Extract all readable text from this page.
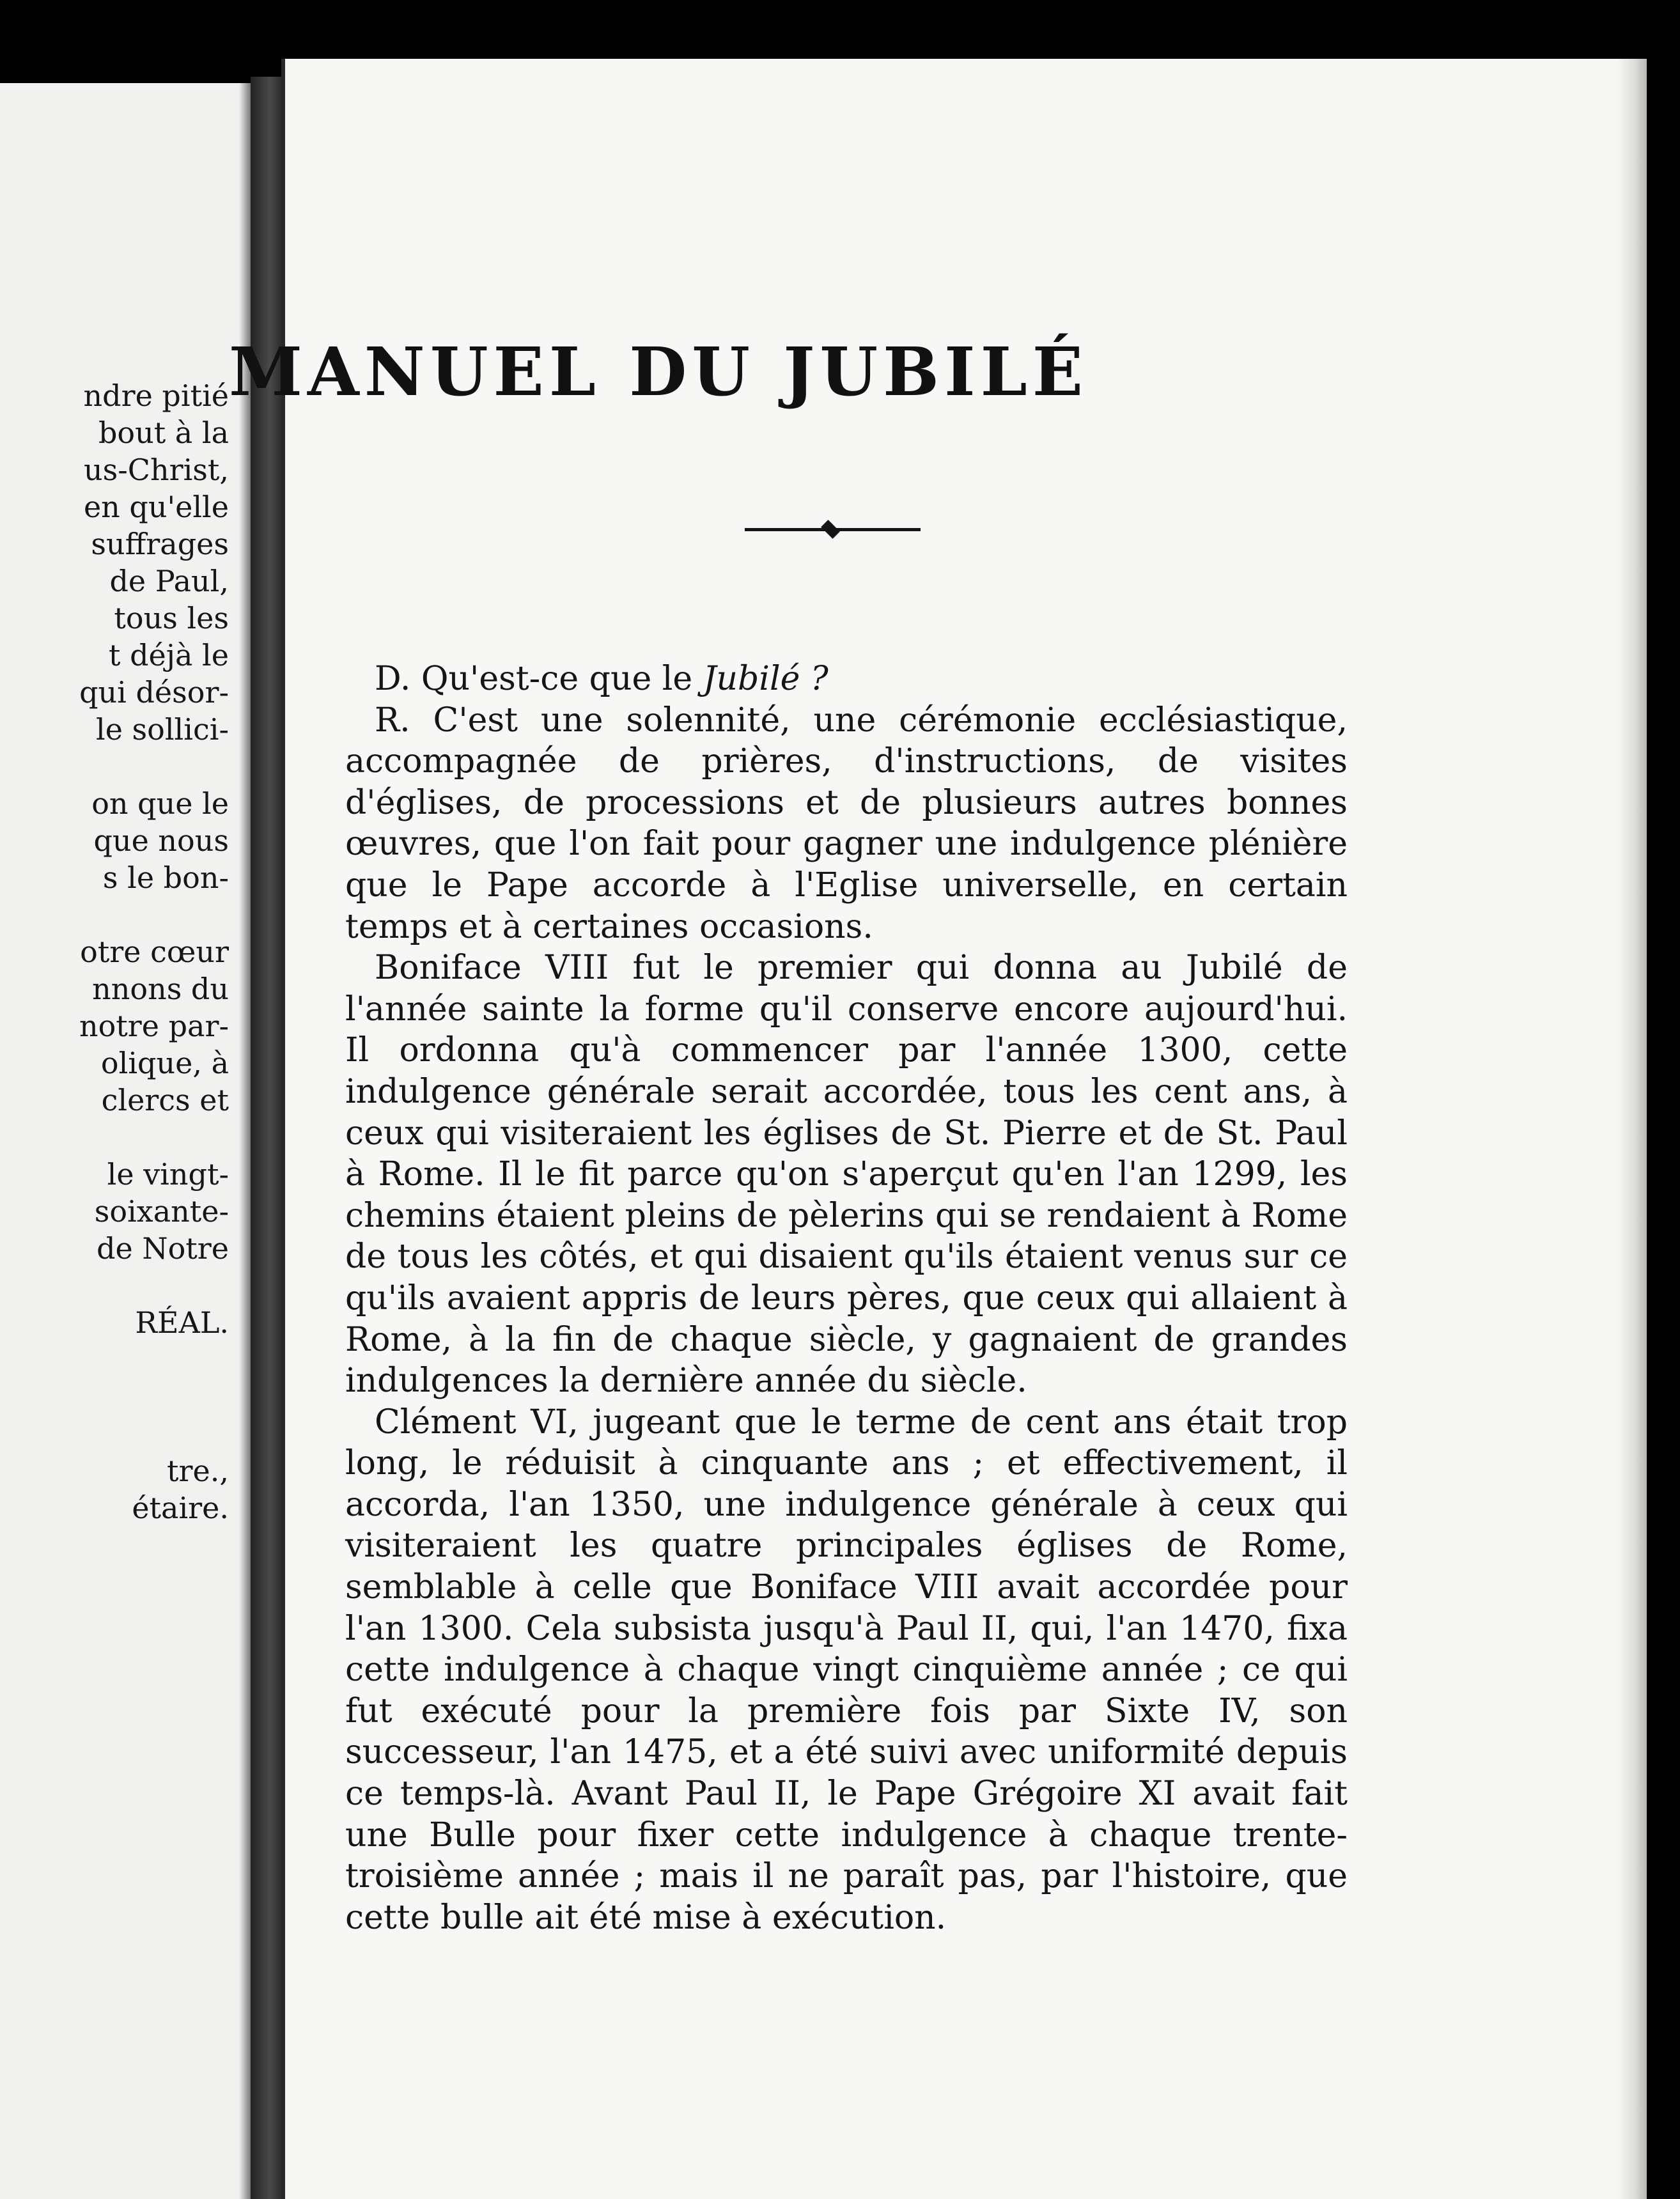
ndre pitié
bout à la
us-Christ,
en qu'elle
suffrages
de Paul,
tous les
t déjà le
qui désor-
le sollici-
on que le
que nous
s le bon-
otre cœur
nnons du
notre par-
olique, à
clercs et
le vingt-
soixante-
de Notre
RÉAL.
tre.,
étaire.
MANUEL DU JUBILÉ

D. Qu'est-ce que le Jubilé ?

R. C'est une solennité, une cérémonie ecclésiastique, accompagnée de prières, d'instructions, de visites d'églises, de processions et de plusieurs autres bonnes œuvres, que l'on fait pour gagner une indulgence plénière que le Pape accorde à l'Eglise universelle, en certain temps et à certaines occasions.

Boniface VIII fut le premier qui donna au Jubilé de l'année sainte la forme qu'il conserve encore aujourd'hui. Il ordonna qu'à commencer par l'année 1300, cette indulgence générale serait accordée, tous les cent ans, à ceux qui visiteraient les églises de St. Pierre et de St. Paul à Rome. Il le fit parce qu'on s'aperçut qu'en l'an 1299, les chemins étaient pleins de pèlerins qui se rendaient à Rome de tous les côtés, et qui disaient qu'ils étaient venus sur ce qu'ils avaient appris de leurs pères, que ceux qui allaient à Rome, à la fin de chaque siècle, y gagnaient de grandes indulgences la dernière année du siècle.

Clément VI, jugeant que le terme de cent ans était trop long, le réduisit à cinquante ans ; et effectivement, il accorda, l'an 1350, une indulgence générale à ceux qui visiteraient les quatre principales églises de Rome, semblable à celle que Boniface VIII avait accordée pour l'an 1300. Cela subsista jusqu'à Paul II, qui, l'an 1470, fixa cette indulgence à chaque vingt cinquième année ; ce qui fut exécuté pour la première fois par Sixte IV, son successeur, l'an 1475, et a été suivi avec uniformité depuis ce temps-là. Avant Paul II, le Pape Grégoire XI avait fait une Bulle pour fixer cette indulgence à chaque trente-troisième année ; mais il ne paraît pas, par l'histoire, que cette bulle ait été mise à exécution.
